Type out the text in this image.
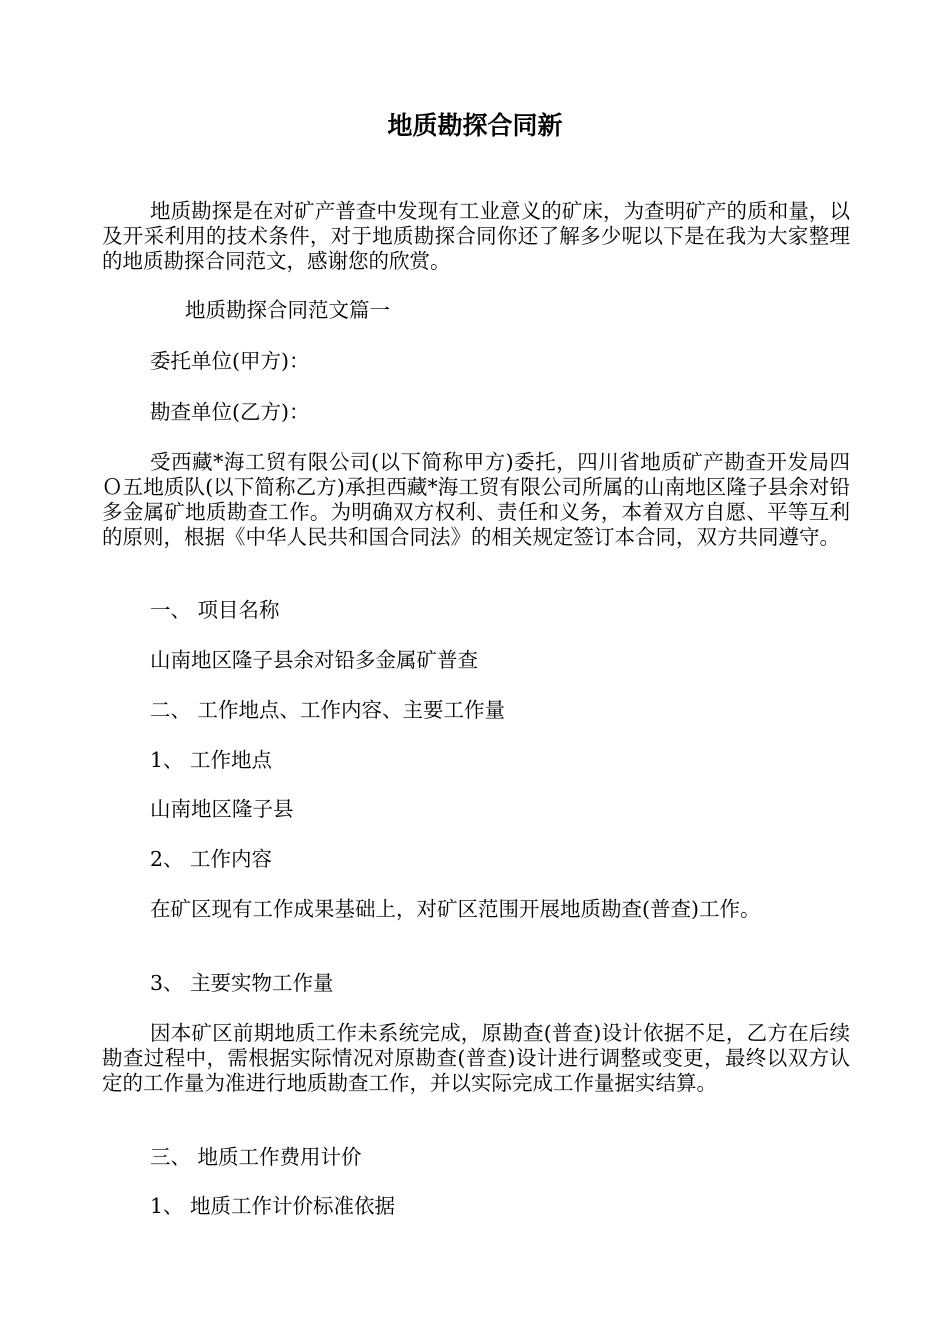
地质勘探合同新

地质勘探是在对矿产普查中发现有工业意义的矿床，为查明矿产的质和量，以及开采利用的技术条件，对于地质勘探合同你还了解多少呢以下是在我为大家整理的地质勘探合同范文，感谢您的欣赏。

地质勘探合同范文篇一

委托单位(甲方)：

勘查单位(乙方)：

受西藏*海工贸有限公司(以下简称甲方)委托，四川省地质矿产勘查开发局四Ｏ五地质队(以下简称乙方)承担西藏*海工贸有限公司所属的山南地区隆子县余对铅多金属矿地质勘查工作。为明确双方权利、责任和义务，本着双方自愿、平等互利的原则，根据《中华人民共和国合同法》的相关规定签订本合同，双方共同遵守。

一、 项目名称

山南地区隆子县余对铅多金属矿普查

二、 工作地点、工作内容、主要工作量

1、 工作地点

山南地区隆子县

2、 工作内容

在矿区现有工作成果基础上，对矿区范围开展地质勘查(普查)工作。

3、 主要实物工作量

因本矿区前期地质工作未系统完成，原勘查(普查)设计依据不足，乙方在后续勘查过程中，需根据实际情况对原勘查(普查)设计进行调整或变更，最终以双方认定的工作量为准进行地质勘查工作，并以实际完成工作量据实结算。

三、 地质工作费用计价

1、 地质工作计价标准依据
